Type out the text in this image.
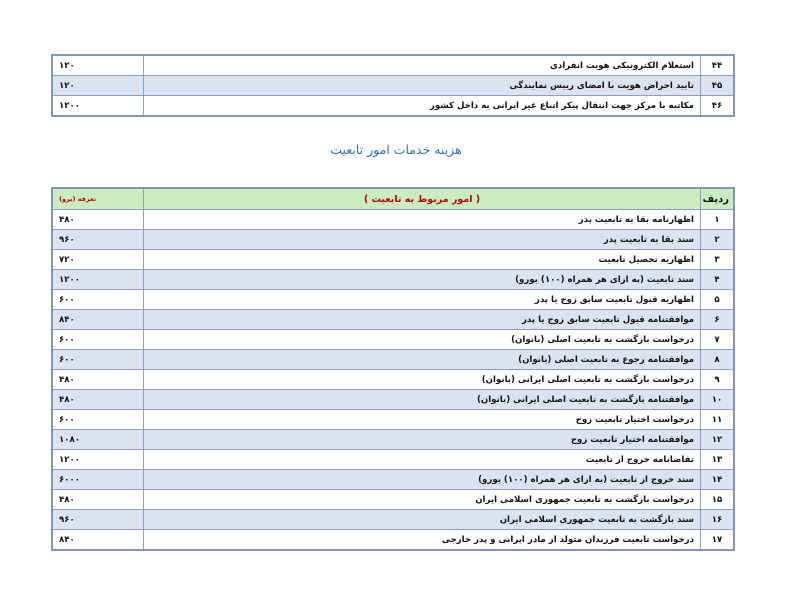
۴۴	استعلام الکترونیکی هویت انفرادی	۱۲۰
۴۵	تایید احراض هویت با امضای رییس نمایندگی	۱۲۰
۴۶	مکاتبه با مرکز جهت انتقال پیکر اتباع غیر ایرانی به داخل کشور	۱۲۰۰
هزینه خدمات امور تابعیت
ردیف	( امور مربوط به تابعیت )	تعرفه (یرو)
۱	اظهارنامه بقا به تابعیت پدر	۴۸۰
۲	سند بقا به تابعیت پدر	۹۶۰
۳	اظهاریه تحصیل تابعیت	۷۲۰
۴	سند تابعیت (به ازای هر همراه (۱۰۰) یورو)	۱۲۰۰
۵	اظهاریه قبول تابعیت سابق زوج یا پدر	۶۰۰
۶	موافقتنامه قبول تابعیت سابق زوج یا پدر	۸۴۰
۷	درخواست بازگشت به تابعیت اصلی (بانوان)	۶۰۰
۸	موافقتنامه رجوع به تابعیت اصلی (بانوان)	۶۰۰
۹	درخواست بازگشت به تابعیت اصلی ایرانی (بانوان)	۴۸۰
۱۰	موافقتنامه بازگشت به تابعیت اصلی ایرانی (بانوان)	۴۸۰
۱۱	درخواست اختیار تابعیت زوج	۶۰۰
۱۲	موافقتنامه اختیار تابعیت زوج	۱۰۸۰
۱۳	تقاضانامه خروج از تابعیت	۱۲۰۰
۱۴	سند خروج از تابعیت (به ازای هر همراه (۱۰۰) یورو)	۶۰۰۰
۱۵	درخواست بازگشت به تابعیت جمهوری اسلامی ایران	۴۸۰
۱۶	سند بازگشت به تابعیت جمهوری اسلامی ایران	۹۶۰
۱۷	درخواست تابعیت فرزندان متولد از مادر ایرانی و پدر خارجی	۸۴۰
